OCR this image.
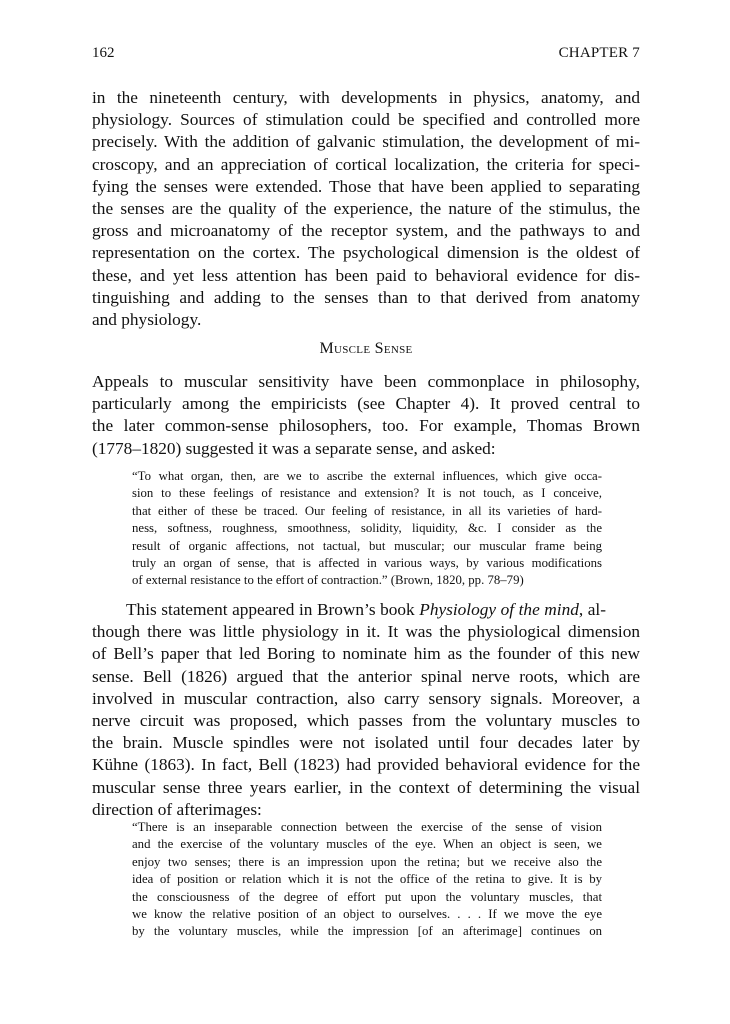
162	CHAPTER 7

in the nineteenth century, with developments in physics, anatomy, and
physiology. Sources of stimulation could be specified and controlled more
precisely. With the addition of galvanic stimulation, the development of mi-
croscopy, and an appreciation of cortical localization, the criteria for speci-
fying the senses were extended. Those that have been applied to separating
the senses are the quality of the experience, the nature of the stimulus, the
gross and microanatomy of the receptor system, and the pathways to and
representation on the cortex. The psychological dimension is the oldest of
these, and yet less attention has been paid to behavioral evidence for dis-
tinguishing and adding to the senses than to that derived from anatomy
and physiology.

Muscle Sense

Appeals to muscular sensitivity have been commonplace in philosophy,
particularly among the empiricists (see Chapter 4). It proved central to
the later common-sense philosophers, too. For example, Thomas Brown
(1778–1820) suggested it was a separate sense, and asked:

“To what organ, then, are we to ascribe the external influences, which give occa-
sion to these feelings of resistance and extension? It is not touch, as I conceive,
that either of these be traced. Our feeling of resistance, in all its varieties of hard-
ness, softness, roughness, smoothness, solidity, liquidity, &c. I consider as the
result of organic affections, not tactual, but muscular; our muscular frame being
truly an organ of sense, that is affected in various ways, by various modifications
of external resistance to the effort of contraction.” (Brown, 1820, pp. 78–79)

This statement appeared in Brown’s book Physiology of the mind, al-
though there was little physiology in it. It was the physiological dimension
of Bell’s paper that led Boring to nominate him as the founder of this new
sense. Bell (1826) argued that the anterior spinal nerve roots, which are
involved in muscular contraction, also carry sensory signals. Moreover, a
nerve circuit was proposed, which passes from the voluntary muscles to
the brain. Muscle spindles were not isolated until four decades later by
Kühne (1863). In fact, Bell (1823) had provided behavioral evidence for the
muscular sense three years earlier, in the context of determining the visual
direction of afterimages:

“There is an inseparable connection between the exercise of the sense of vision
and the exercise of the voluntary muscles of the eye. When an object is seen, we
enjoy two senses; there is an impression upon the retina; but we receive also the
idea of position or relation which it is not the office of the retina to give. It is by
the consciousness of the degree of effort put upon the voluntary muscles, that
we know the relative position of an object to ourselves. . . . If we move the eye
by the voluntary muscles, while the impression [of an afterimage] continues on
